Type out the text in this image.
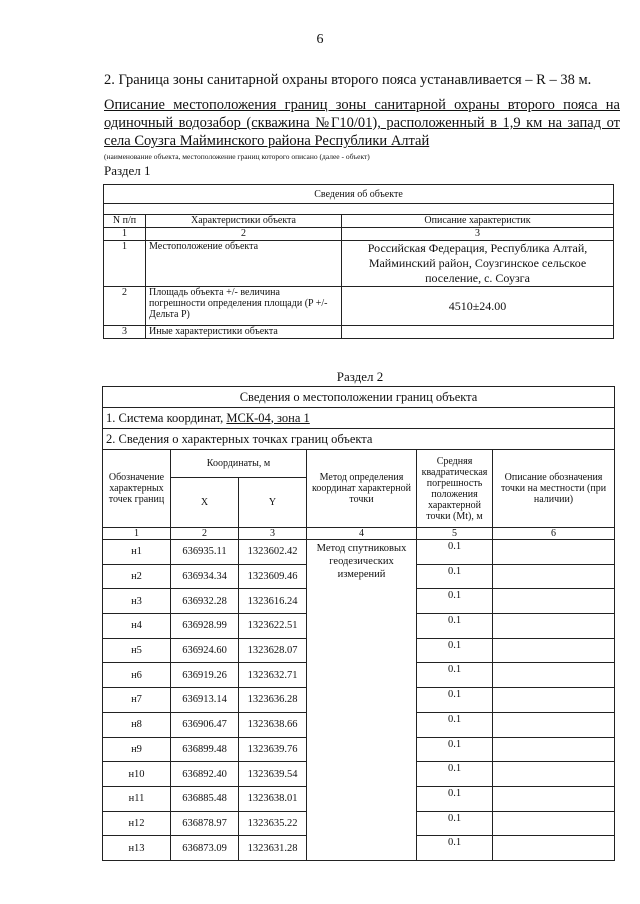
6
2. Граница зоны санитарной охраны второго пояса устанавливается – R – 38 м.
Описание местоположения границ зоны санитарной охраны второго пояса на одиночный водозабор (скважина №Г10/01), расположенный в 1,9 км на запад от села Соузга Майминского района Республики Алтай
(наименование объекта, местоположение границ которого описано (далее - объект)
Раздел 1
Сведения об объекте		

N п/п	Характеристики объекта	Описание характеристик
1	2	3
1	Местоположение объекта	Российская Федерация, Республика Алтай, Майминский район, Соузгинское сельское поселение, с. Соузга
2	Площадь объекта +/- величина погрешности определения площади (P +/- Дельта P)	4510±24.00
3	Иные характеристики объекта	
Раздел 2
Сведения о местоположении границ объекта					
1. Система координат, МСК-04, зона 1					
2. Сведения о характерных точках границ объекта					
Обозначение характерных точек границ	Координаты, м		Метод определения координат характерной точки	Средняя квадратическая погрешность положения характерной точки (Mt), м	Описание обозначения точки на местности (при наличии)
	X	Y			
1	2	3	4	5	6
н1	636935.11	1323602.42	Метод спутниковых геодезических измерений	0.1	
н2	636934.34	1323609.46		0.1	
н3	636932.28	1323616.24		0.1	
н4	636928.99	1323622.51		0.1	
н5	636924.60	1323628.07		0.1	
н6	636919.26	1323632.71		0.1	
н7	636913.14	1323636.28		0.1	
н8	636906.47	1323638.66		0.1	
н9	636899.48	1323639.76		0.1	
н10	636892.40	1323639.54		0.1	
н11	636885.48	1323638.01		0.1	
н12	636878.97	1323635.22		0.1	
н13	636873.09	1323631.28		0.1	
